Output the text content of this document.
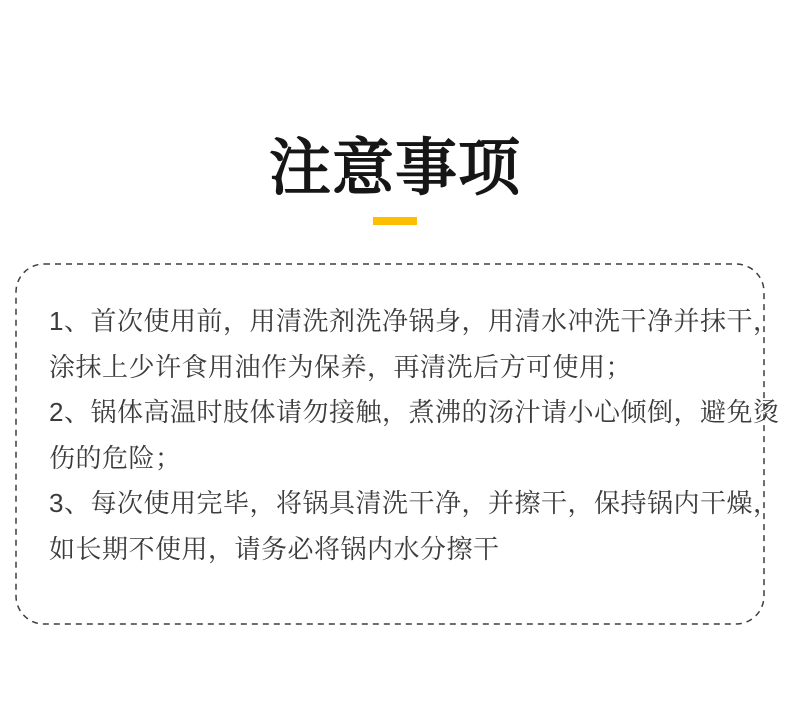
注意事项
1、首次使用前，用清洗剂洗净锅身，用清水冲洗干净并抹干，
涂抹上少许食用油作为保养，再清洗后方可使用；
2、锅体高温时肢体请勿接触，煮沸的汤汁请小心倾倒，避免烫
伤的危险；
3、每次使用完毕，将锅具清洗干净，并擦干，保持锅内干燥，
如长期不使用，请务必将锅内水分擦干
